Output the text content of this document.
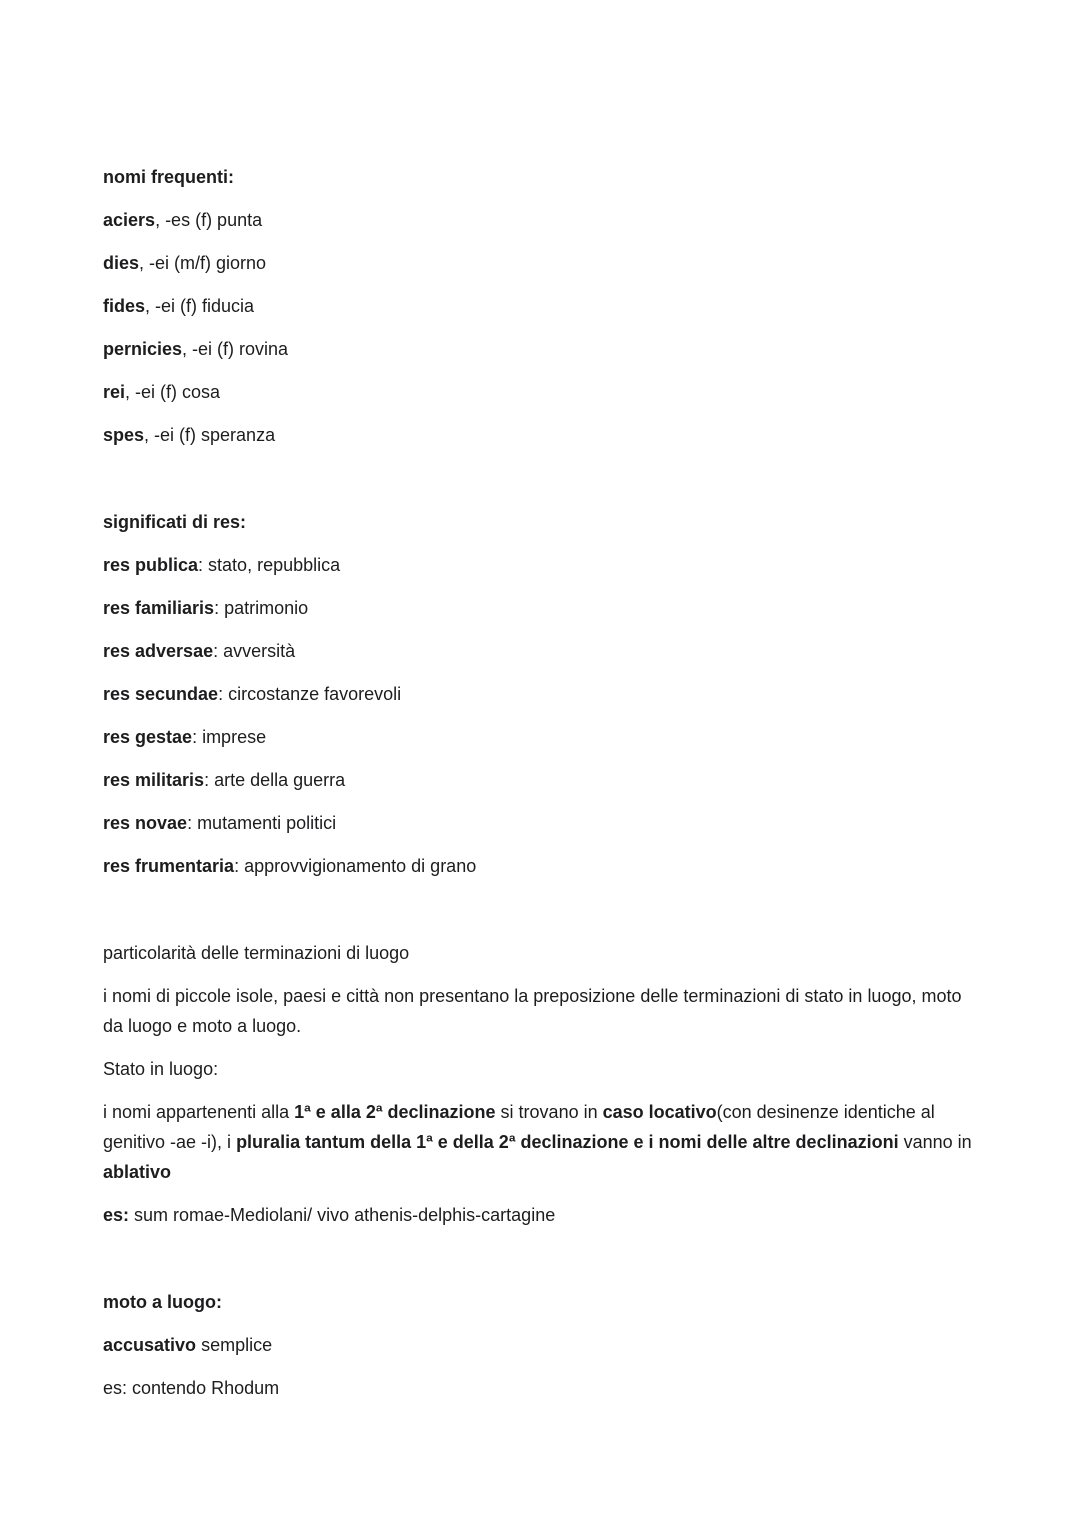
nomi frequenti:

aciers, -es (f) punta

dies, -ei (m/f) giorno

fides, -ei (f) fiducia

pernicies, -ei (f) rovina

rei, -ei (f) cosa

spes, -ei (f) speranza

significati di res:

res publica: stato, repubblica

res familiaris: patrimonio

res adversae: avversità

res secundae: circostanze favorevoli

res gestae: imprese

res militaris: arte della guerra

res novae: mutamenti politici

res frumentaria: approvvigionamento di grano

particolarità delle terminazioni di luogo

i nomi di piccole isole, paesi e città non presentano la preposizione delle terminazioni di stato in luogo, moto da luogo e moto a luogo.

Stato in luogo:

i nomi appartenenti alla 1ª e alla 2ª declinazione si trovano in caso locativo(con desinenze identiche al genitivo -ae -i), i pluralia tantum della 1ª e della 2ª declinazione e i nomi delle altre declinazioni vanno in ablativo

es: sum romae-Mediolani/ vivo athenis-delphis-cartagine

moto a luogo:

accusativo semplice

es: contendo Rhodum
